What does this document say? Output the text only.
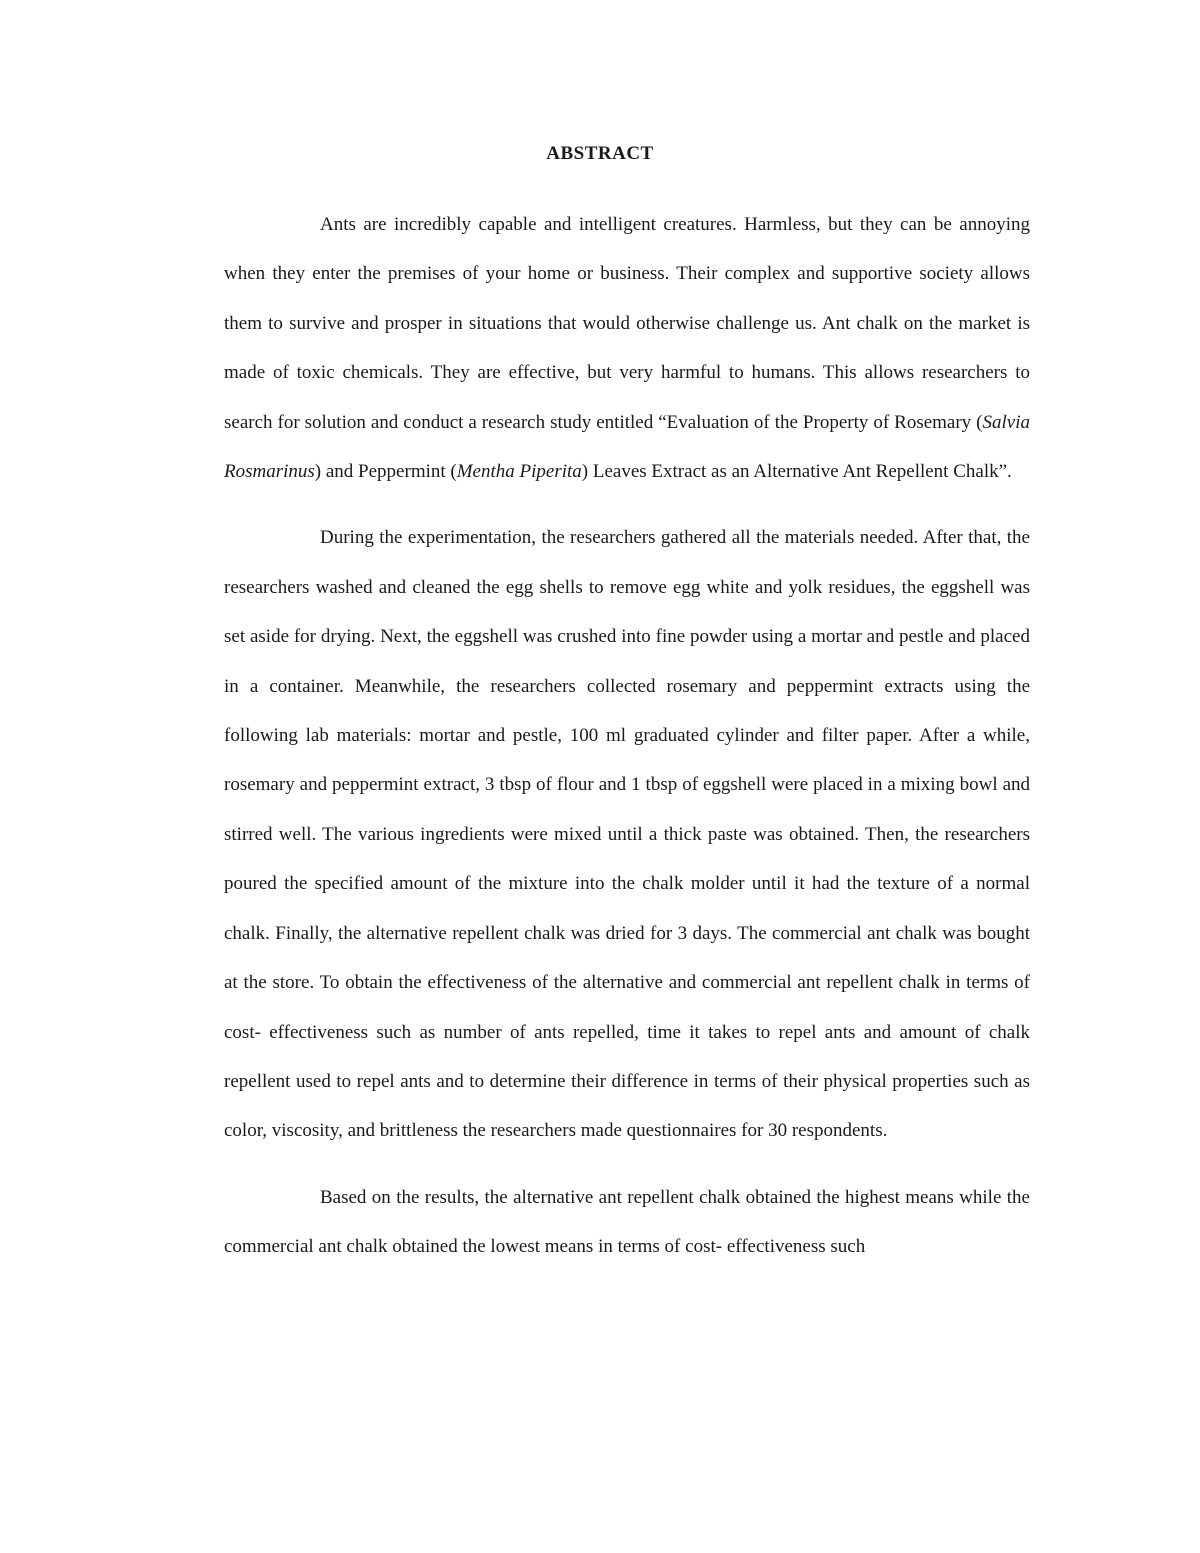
ABSTRACT

Ants are incredibly capable and intelligent creatures. Harmless, but they can be annoying when they enter the premises of your home or business. Their complex and supportive society allows them to survive and prosper in situations that would otherwise challenge us. Ant chalk on the market is made of toxic chemicals. They are effective, but very harmful to humans. This allows researchers to search for solution and conduct a research study entitled “Evaluation of the Property of Rosemary (Salvia Rosmarinus) and Peppermint (Mentha Piperita) Leaves Extract as an Alternative Ant Repellent Chalk”.

During the experimentation, the researchers gathered all the materials needed. After that, the researchers washed and cleaned the egg shells to remove egg white and yolk residues, the eggshell was set aside for drying. Next, the eggshell was crushed into fine powder using a mortar and pestle and placed in a container. Meanwhile, the researchers collected rosemary and peppermint extracts using the following lab materials: mortar and pestle, 100 ml graduated cylinder and filter paper. After a while, rosemary and peppermint extract, 3 tbsp of flour and 1 tbsp of eggshell were placed in a mixing bowl and stirred well. The various ingredients were mixed until a thick paste was obtained. Then, the researchers poured the specified amount of the mixture into the chalk molder until it had the texture of a normal chalk. Finally, the alternative repellent chalk was dried for 3 days. The commercial ant chalk was bought at the store. To obtain the effectiveness of the alternative and commercial ant repellent chalk in terms of cost- effectiveness such as number of ants repelled, time it takes to repel ants and amount of chalk repellent used to repel ants and to determine their difference in terms of their physical properties such as color, viscosity, and brittleness the researchers made questionnaires for 30 respondents.

Based on the results, the alternative ant repellent chalk obtained the highest means while the commercial ant chalk obtained the lowest means in terms of cost- effectiveness such
